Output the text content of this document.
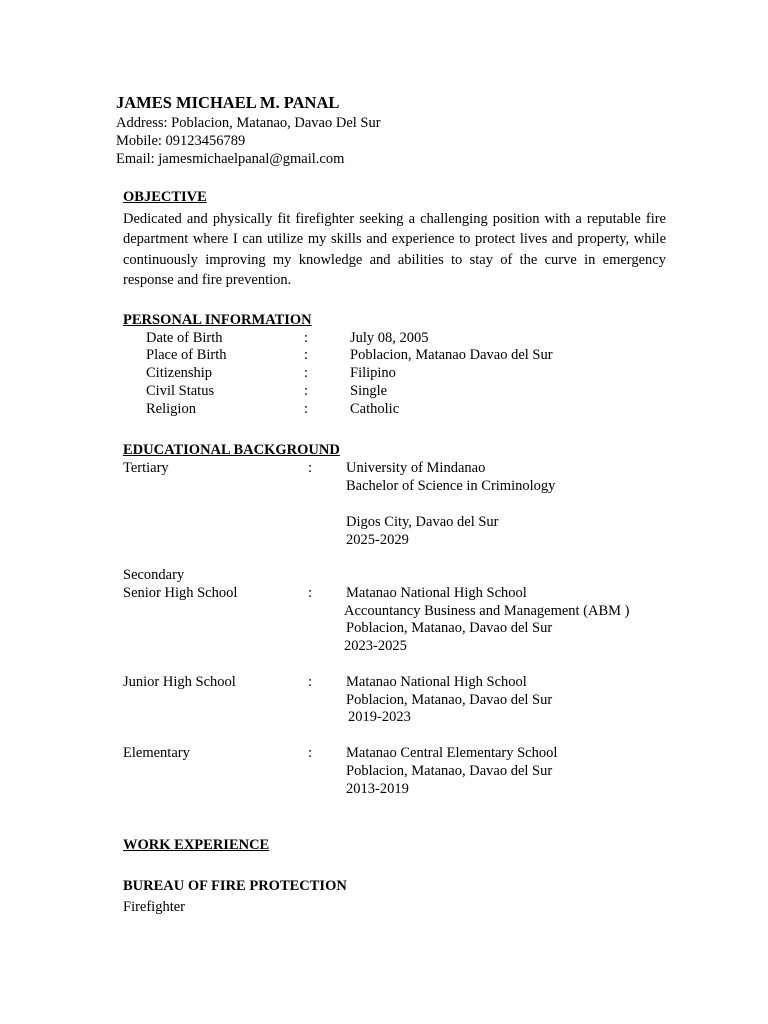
JAMES MICHAEL M. PANAL
Address: Poblacion, Matanao, Davao Del Sur
Mobile: 09123456789
Email: jamesmichaelpanal@gmail.com
OBJECTIVE
Dedicated and physically fit firefighter seeking a challenging position with a reputable fire department where I can utilize my skills and experience to protect lives and property, while continuously improving my knowledge and abilities to stay of the curve in emergency response and fire prevention.
PERSONAL INFORMATION
Date of Birth	:	July 08, 2005
Place of Birth	:	Poblacion, Matanao Davao del Sur
Citizenship	:	Filipino
Civil Status	:	Single
Religion	:	Catholic
EDUCATIONAL BACKGROUND
Tertiary	: University of Mindanao
Bachelor of Science in Criminology
Digos City, Davao del Sur
2025-2029
Secondary
Senior High School	: Matanao National High School
Accountancy Business and Management (ABM )
Poblacion, Matanao, Davao del Sur
2023-2025
Junior High School	: Matanao National High School
Poblacion, Matanao, Davao del Sur
2019-2023
Elementary	: Matanao Central Elementary School
Poblacion, Matanao, Davao del Sur
2013-2019
WORK EXPERIENCE
BUREAU OF FIRE PROTECTION
Firefighter
